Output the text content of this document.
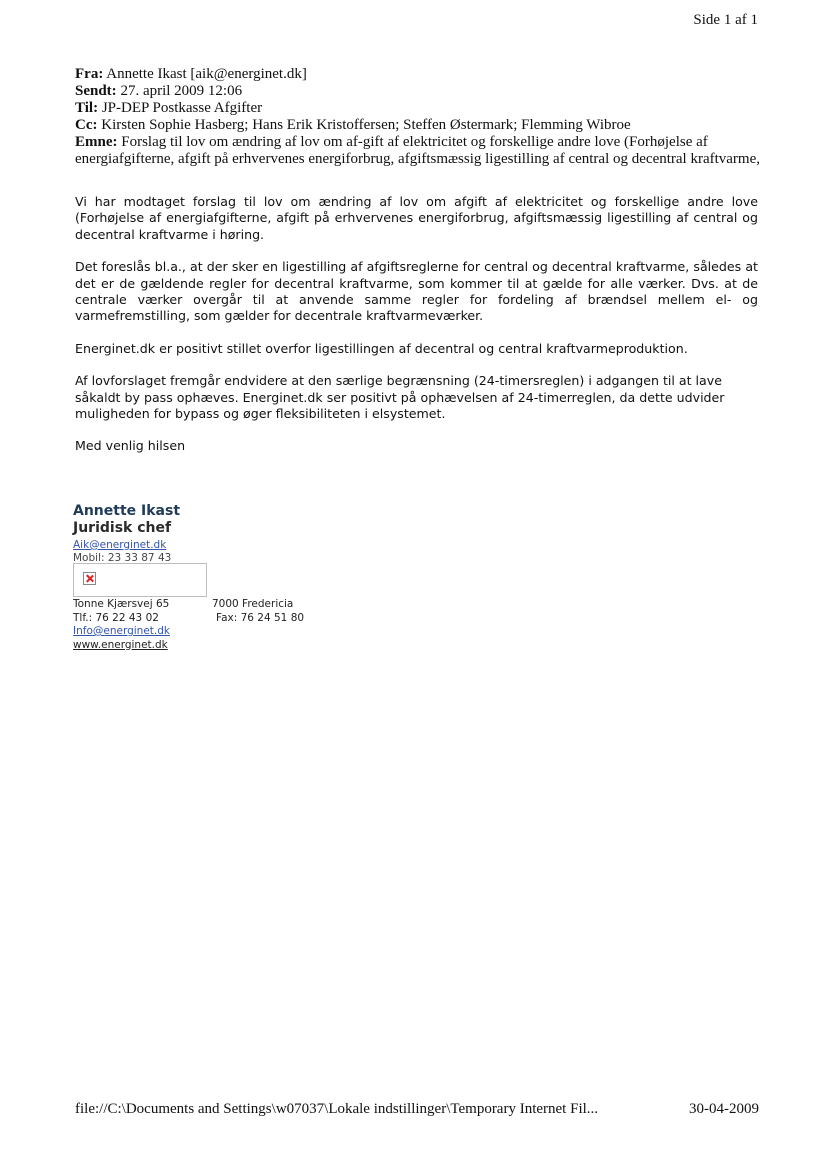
Side 1 af 1
Fra: Annette Ikast [aik@energinet.dk]
Sendt: 27. april 2009 12:06
Til: JP-DEP Postkasse Afgifter
Cc: Kirsten Sophie Hasberg; Hans Erik Kristoffersen; Steffen Østermark; Flemming Wibroe
Emne: Forslag til lov om ændring af lov om af-gift af elektricitet og forskellige andre love (Forhøjelse af energiafgifterne, afgift på erhvervenes energiforbrug, afgiftsmæssig ligestilling af central og decentral kraftvarme,

Vi har modtaget forslag til lov om ændring af lov om afgift af elektricitet og forskellige andre love (Forhøjelse af energiafgifterne, afgift på erhvervenes energiforbrug, afgiftsmæssig ligestilling af central og decentral kraftvarme i høring.

Det foreslås bl.a., at der sker en ligestilling af afgiftsreglerne for central og decentral kraftvarme, således at det er de gældende regler for decentral kraftvarme, som kommer til at gælde for alle værker. Dvs. at de centrale værker overgår til at anvende samme regler for fordeling af brændsel mellem el- og varmefremstilling, som gælder for decentrale kraftvarmeværker.

Energinet.dk er positivt stillet overfor ligestillingen af decentral og central kraftvarmeproduktion.

Af lovforslaget fremgår endvidere at den særlige begrænsning (24-timersreglen) i adgangen til at lave såkaldt by pass ophæves. Energinet.dk ser positivt på ophævelsen af 24-timerreglen, da dette udvider muligheden for bypass og øger fleksibiliteten i elsystemet.

Med venlig hilsen

Annette Ikast
Juridisk chef
Aik@energinet.dk
Mobil: 23 33 87 43
Tonne Kjærsvej 65	7000 Fredericia
Tlf.: 76 22 43 02	Fax: 76 24 51 80
Info@energinet.dk
www.energinet.dk
file://C:\Documents and Settings\w07037\Lokale indstillinger\Temporary Internet Fil...	30-04-2009
